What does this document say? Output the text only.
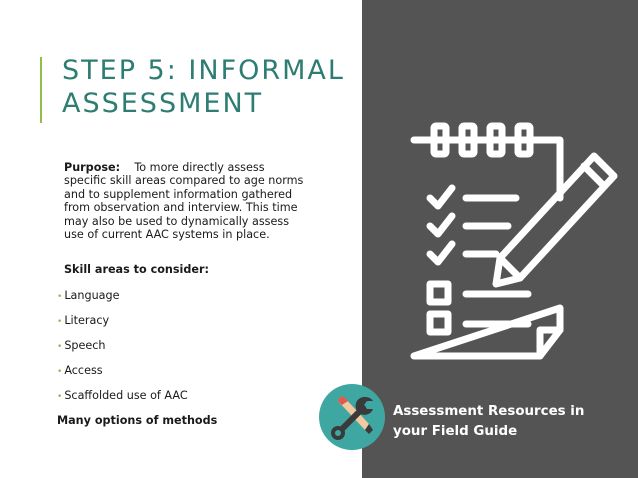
STEP 5: INFORMAL
ASSESSMENT
Purpose: To more directly assess specific skill areas compared to age norms and to supplement information gathered from observation and interview. This time may also be used to dynamically assess use of current AAC systems in place.
Skill areas to consider:
• Language
• Literacy
• Speech
• Access
• Scaffolded use of AAC
Many options of methods
Assessment Resources in
your Field Guide
